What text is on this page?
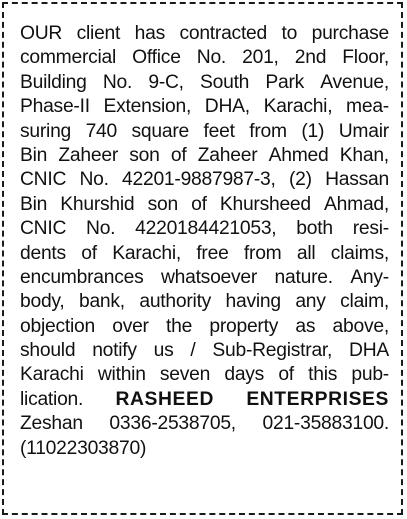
OUR client has contracted to purchase
commercial Office No. 201, 2nd Floor,
Building No. 9-C, South Park Avenue,
Phase-II Extension, DHA, Karachi, mea-
suring 740 square feet from (1) Umair
Bin Zaheer son of Zaheer Ahmed Khan,
CNIC No. 42201-9887987-3, (2) Hassan
Bin Khurshid son of Khursheed Ahmad,
CNIC No. 4220184421053, both resi-
dents of Karachi, free from all claims,
encumbrances whatsoever nature. Any-
body, bank, authority having any claim,
objection over the property as above,
should notify us / Sub-Registrar, DHA
Karachi within seven days of this pub-
lication. RASHEED ENTERPRISES
Zeshan 0336-2538705, 021-35883100.
(11022303870)
